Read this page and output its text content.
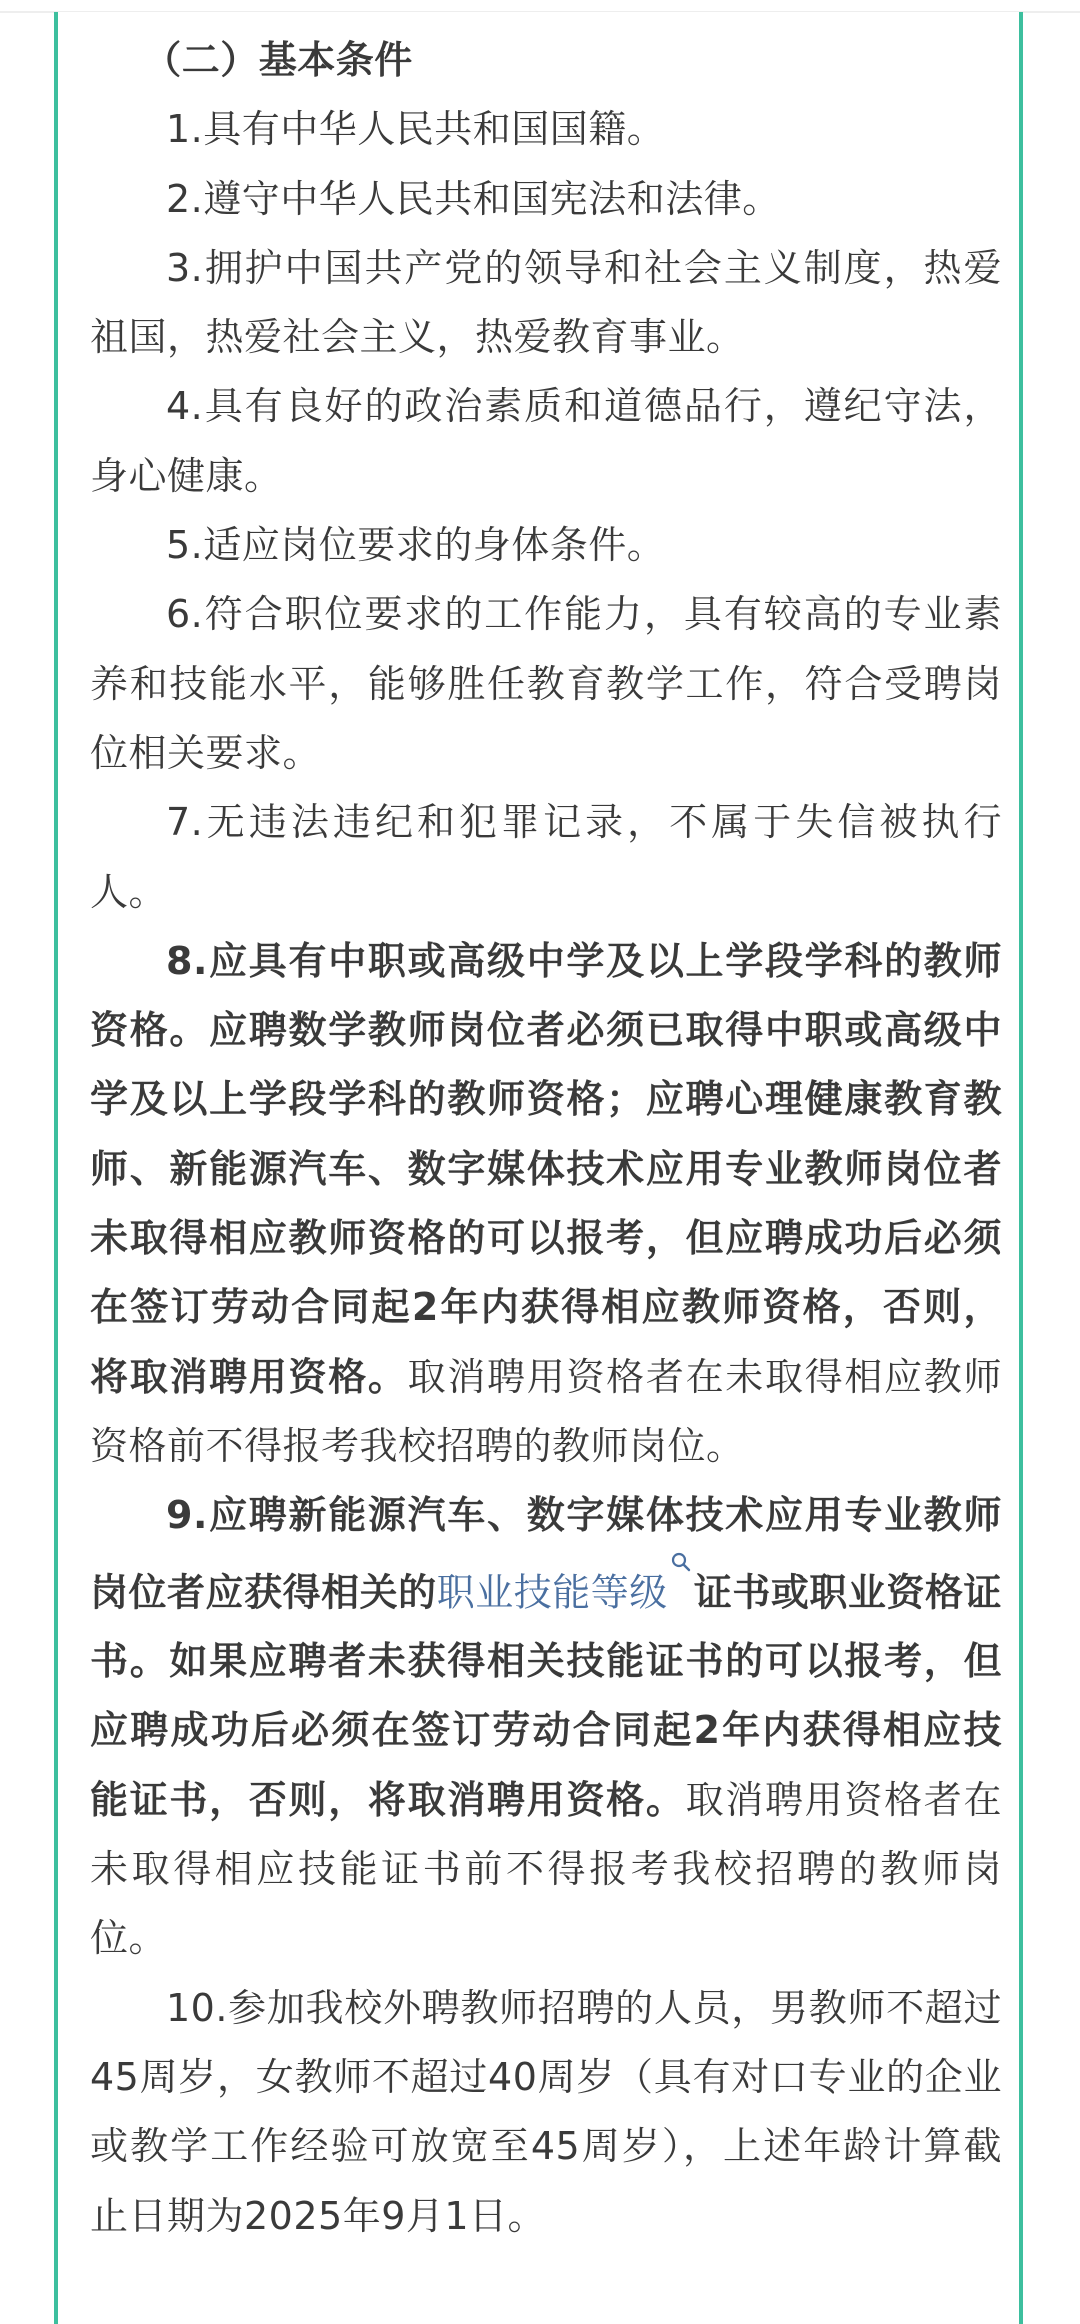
（二）基本条件

1.具有中华人民共和国国籍。

2.遵守中华人民共和国宪法和法律。

3.拥护中国共产党的领导和社会主义制度，热爱祖国，热爱社会主义，热爱教育事业。

4.具有良好的政治素质和道德品行，遵纪守法，身心健康。

5.适应岗位要求的身体条件。

6.符合职位要求的工作能力，具有较高的专业素养和技能水平，能够胜任教育教学工作，符合受聘岗位相关要求。

7.无违法违纪和犯罪记录，不属于失信被执行人。

8.应具有中职或高级中学及以上学段学科的教师资格。应聘数学教师岗位者必须已取得中职或高级中学及以上学段学科的教师资格；应聘心理健康教育教师、新能源汽车、数字媒体技术应用专业教师岗位者未取得相应教师资格的可以报考，但应聘成功后必须在签订劳动合同起2年内获得相应教师资格，否则，将取消聘用资格。取消聘用资格者在未取得相应教师资格前不得报考我校招聘的教师岗位。

9.应聘新能源汽车、数字媒体技术应用专业教师岗位者应获得相关的职业技能等级 证书或职业资格证书。如果应聘者未获得相关技能证书的可以报考，但应聘成功后必须在签订劳动合同起2年内获得相应技能证书，否则，将取消聘用资格。取消聘用资格者在未取得相应技能证书前不得报考我校招聘的教师岗位。

10.参加我校外聘教师招聘的人员，男教师不超过45周岁，女教师不超过40周岁（具有对口专业的企业或教学工作经验可放宽至45周岁），上述年龄计算截止日期为2025年9月1日。
